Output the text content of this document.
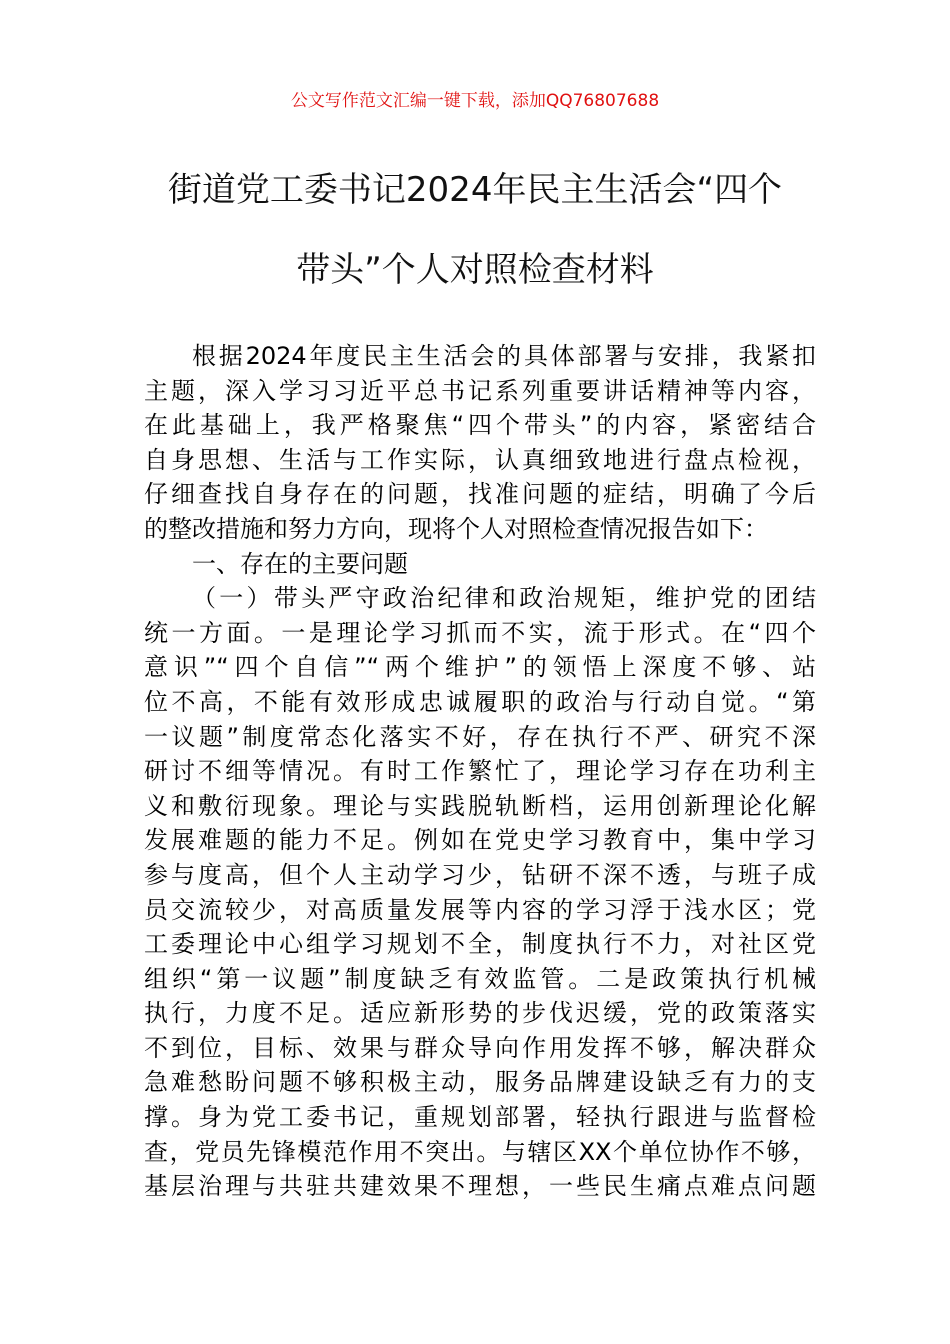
公文写作范文汇编一键下载，添加QQ76807688
街道党工委书记2024年民主生活会“四个
带头”个人对照检查材料
根据2024年度民主生活会的具体部署与安排，我紧扣
主题，深入学习习近平总书记系列重要讲话精神等内容，
在此基础上，我严格聚焦“四个带头”的内容，紧密结合
自身思想、生活与工作实际，认真细致地进行盘点检视，
仔细查找自身存在的问题，找准问题的症结，明确了今后
的整改措施和努力方向，现将个人对照检查情况报告如下：
一、存在的主要问题
（一）带头严守政治纪律和政治规矩，维护党的团结
统一方面。一是理论学习抓而不实，流于形式。在“四个
意识”“四个自信”“两个维护”的领悟上深度不够、站
位不高，不能有效形成忠诚履职的政治与行动自觉。“第
一议题”制度常态化落实不好，存在执行不严、研究不深
研讨不细等情况。有时工作繁忙了，理论学习存在功利主
义和敷衍现象。理论与实践脱轨断档，运用创新理论化解
发展难题的能力不足。例如在党史学习教育中，集中学习
参与度高，但个人主动学习少，钻研不深不透，与班子成
员交流较少，对高质量发展等内容的学习浮于浅水区；党
工委理论中心组学习规划不全，制度执行不力，对社区党
组织“第一议题”制度缺乏有效监管。二是政策执行机械
执行，力度不足。适应新形势的步伐迟缓，党的政策落实
不到位，目标、效果与群众导向作用发挥不够，解决群众
急难愁盼问题不够积极主动，服务品牌建设缺乏有力的支
撑。身为党工委书记，重规划部署，轻执行跟进与监督检
查，党员先锋模范作用不突出。与辖区XX个单位协作不够，
基层治理与共驻共建效果不理想，一些民生痛点难点问题
